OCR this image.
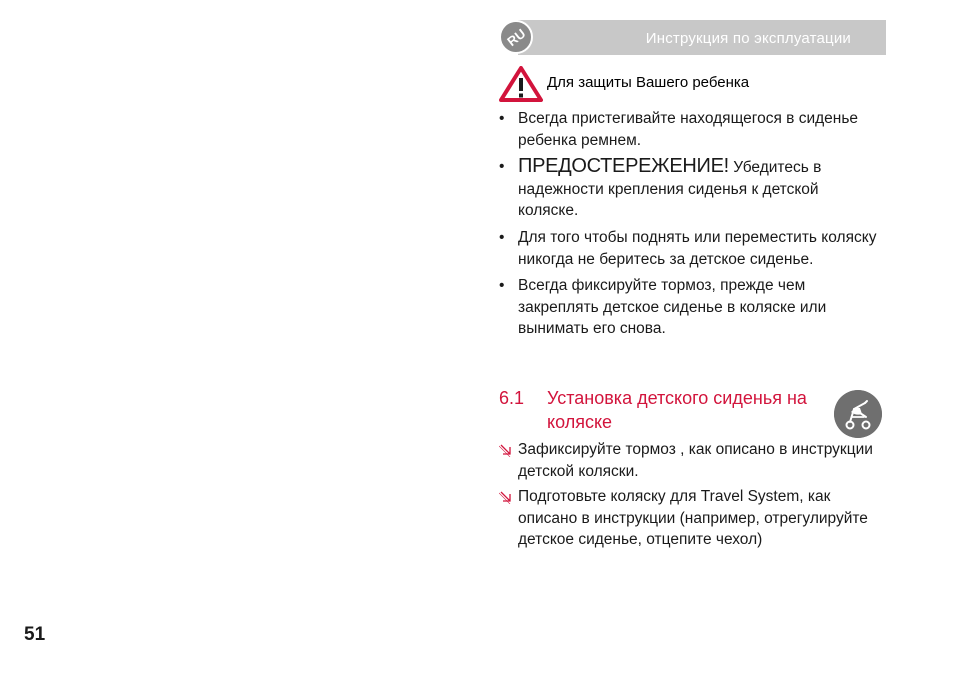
Инструкция по эксплуатации
RU
Для защиты Вашего ребенка
• Всегда пристегивайте находящегося в сиденье ребенка ремнем.
• ПРЕДОСТЕРЕЖЕНИЕ! Убедитесь в надежности крепления сиденья к детской коляске.
• Для того чтобы поднять или переместить коляску никогда не беритесь за детское сиденье.
• Всегда фиксируйте тормоз, прежде чем закреплять детское сиденье в коляске или вынимать его снова.
6.1	Установка детского сиденья на коляске
Зафиксируйте тормоз , как описано в инструкции детской коляски.
Подготовьте коляску для Travel System, как описано в инструкции (например, отрегулируйте детское сиденье, отцепите чехол)
51
